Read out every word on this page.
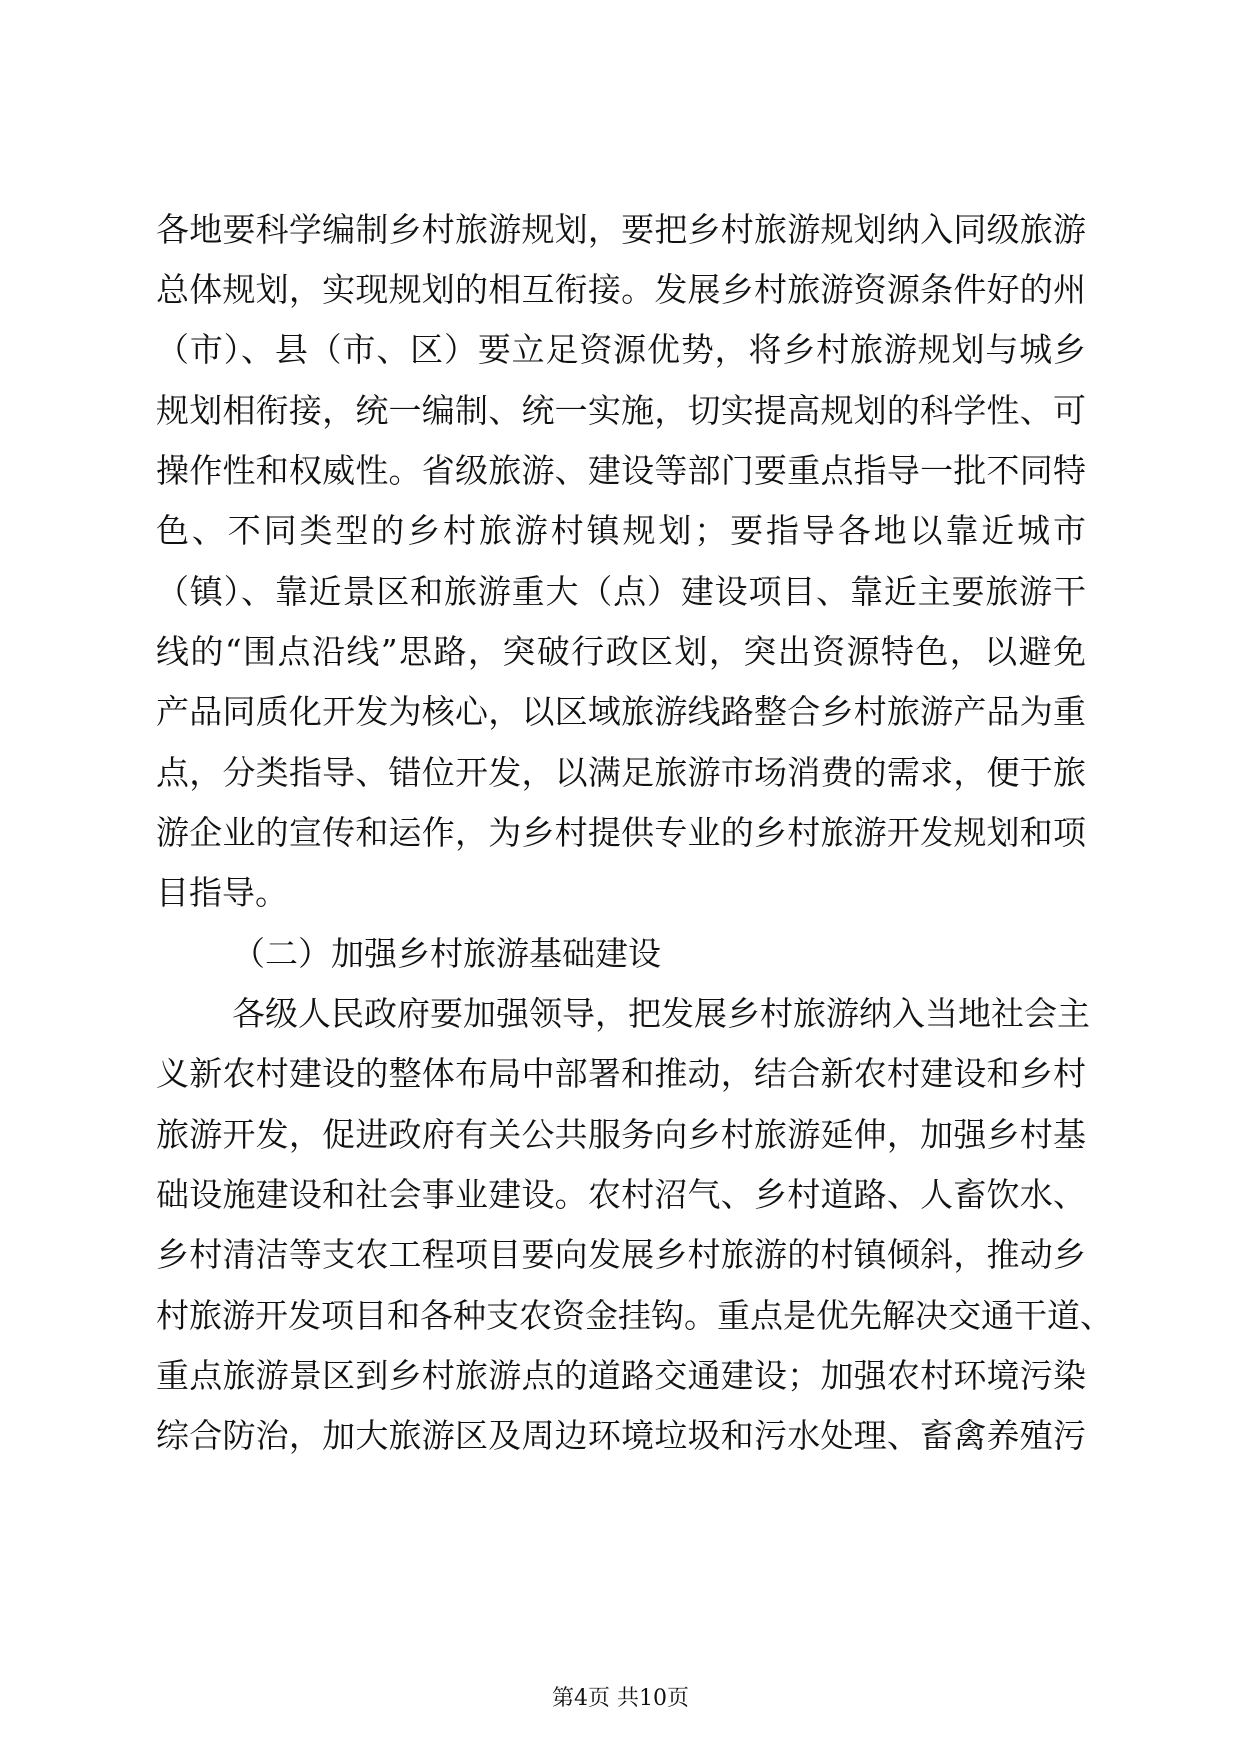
各地要科学编制乡村旅游规划，要把乡村旅游规划纳入同级旅游
总体规划，实现规划的相互衔接。发展乡村旅游资源条件好的州
（市）、县（市、区）要立足资源优势，将乡村旅游规划与城乡
规划相衔接，统一编制、统一实施，切实提高规划的科学性、可
操作性和权威性。省级旅游、建设等部门要重点指导一批不同特
色、不同类型的乡村旅游村镇规划；要指导各地以靠近城市
（镇）、靠近景区和旅游重大（点）建设项目、靠近主要旅游干
线的“围点沿线”思路，突破行政区划，突出资源特色，以避免
产品同质化开发为核心，以区域旅游线路整合乡村旅游产品为重
点，分类指导、错位开发，以满足旅游市场消费的需求，便于旅
游企业的宣传和运作，为乡村提供专业的乡村旅游开发规划和项
目指导。
（二）加强乡村旅游基础建设
各级人民政府要加强领导，把发展乡村旅游纳入当地社会主
义新农村建设的整体布局中部署和推动，结合新农村建设和乡村
旅游开发，促进政府有关公共服务向乡村旅游延伸，加强乡村基
础设施建设和社会事业建设。农村沼气、乡村道路、人畜饮水、
乡村清洁等支农工程项目要向发展乡村旅游的村镇倾斜，推动乡
村旅游开发项目和各种支农资金挂钩。重点是优先解决交通干道、
重点旅游景区到乡村旅游点的道路交通建设；加强农村环境污染
综合防治，加大旅游区及周边环境垃圾和污水处理、畜禽养殖污
第4页 共10页
